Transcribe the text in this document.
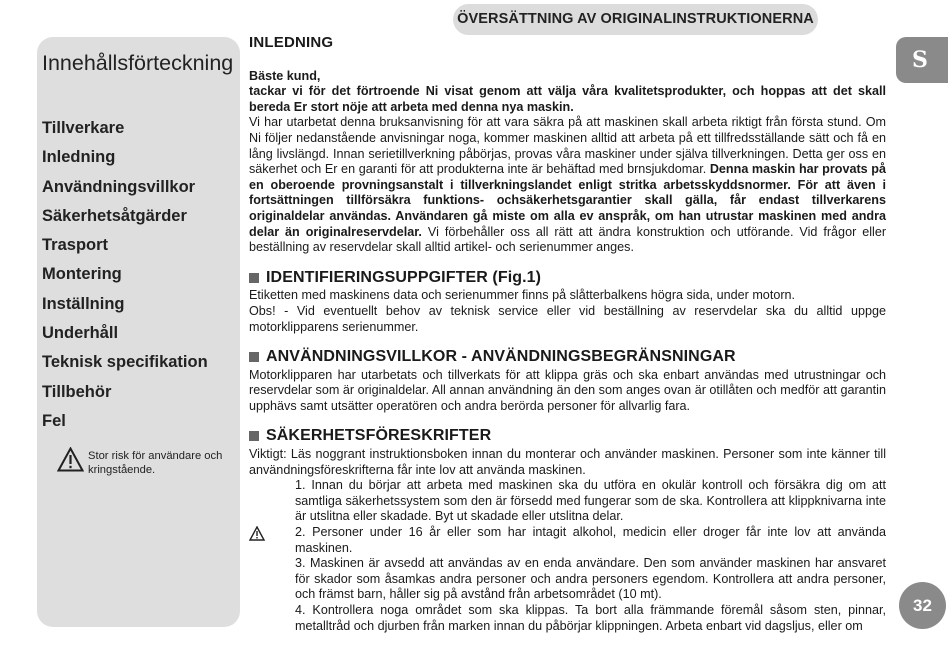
ÖVERSÄTTNING AV ORIGINALINSTRUKTIONERNA
S
Innehållsförteckning
Tillverkare
Inledning
Användningsvillkor
Säkerhetsåtgärder
Trasport
Montering
Inställning
Underhåll
Teknisk specifikation
Tillbehör
Fel
Stor risk för användare och kringstående.
INLEDNING

Bäste kund,

tackar vi för det förtroende Ni visat genom att välja våra kvalitetsprodukter, och hoppas att det skall bereda Er stort nöje att arbeta med denna nya maskin.

Vi har utarbetat denna bruksanvisning för att vara säkra på att maskinen skall arbeta riktigt från första stund. Om Ni följer nedanstående anvisningar noga, kommer maskinen alltid att arbeta på ett tillfredsställande sätt och få en lång livslängd. Innan serietillverkning påbörjas, provas våra maskiner under själva tillverkningen. Detta ger oss en säkerhet och Er en garanti för att produkterna inte är behäftad med brnsjukdomar. Denna maskin har provats på en oberoende provningsanstalt i tillverkningslandet enligt stritka arbetsskyddsnormer. För att även i fortsättningen tillförsäkra funktions- ochsäkerhetsgarantier skall gälla, får endast tillverkarens originaldelar användas. Användaren gå miste om alla ev anspråk, om han utrustar maskinen med andra delar än originalreservdelar. Vi förbehåller oss all rätt att ändra konstruktion och utförande. Vid frågor eller beställning av reservdelar skall alltid artikel- och serienummer anges.

IDENTIFIERINGSUPPGIFTER (Fig.1)

Etiketten med maskinens data och serienummer finns på slåtterbalkens högra sida, under motorn.

Obs! - Vid eventuellt behov av teknisk service eller vid beställning av reservdelar ska du alltid uppge motorklipparens serienummer.

ANVÄNDNINGSVILLKOR - ANVÄNDNINGSBEGRÄNSNINGAR

Motorklipparen har utarbetats och tillverkats för att klippa gräs och ska enbart användas med utrustningar och reservdelar som är originaldelar. All annan användning än den som anges ovan är otillåten och medför att garantin upphävs samt utsätter operatören och andra berörda personer för allvarlig fara.

SÄKERHETSFÖRESKRIFTER

Viktigt: Läs noggrant instruktionsboken innan du monterar och använder maskinen. Personer som inte känner till användningsföreskrifterna får inte lov att använda maskinen.

1. Innan du börjar att arbeta med maskinen ska du utföra en okulär kontroll och försäkra dig om att samtliga säkerhetssystem som den är försedd med fungerar som de ska. Kontrollera att klippknivarna inte är utslitna eller skadade. Byt ut skadade eller utslitna delar.

2. Personer under 16 år eller som har intagit alkohol, medicin eller droger får inte lov att använda maskinen.

3. Maskinen är avsedd att användas av en enda användare. Den som använder maskinen har ansvaret för skador som åsamkas andra personer och andra personers egendom. Kontrollera att andra personer, och främst barn, håller sig på avstånd från arbetsområdet (10 mt).

4. Kontrollera noga området som ska klippas. Ta bort alla främmande föremål såsom sten, pinnar, metalltråd och djurben från marken innan du påbörjar klippningen. Arbeta enbart vid dagsljus, eller om

32
